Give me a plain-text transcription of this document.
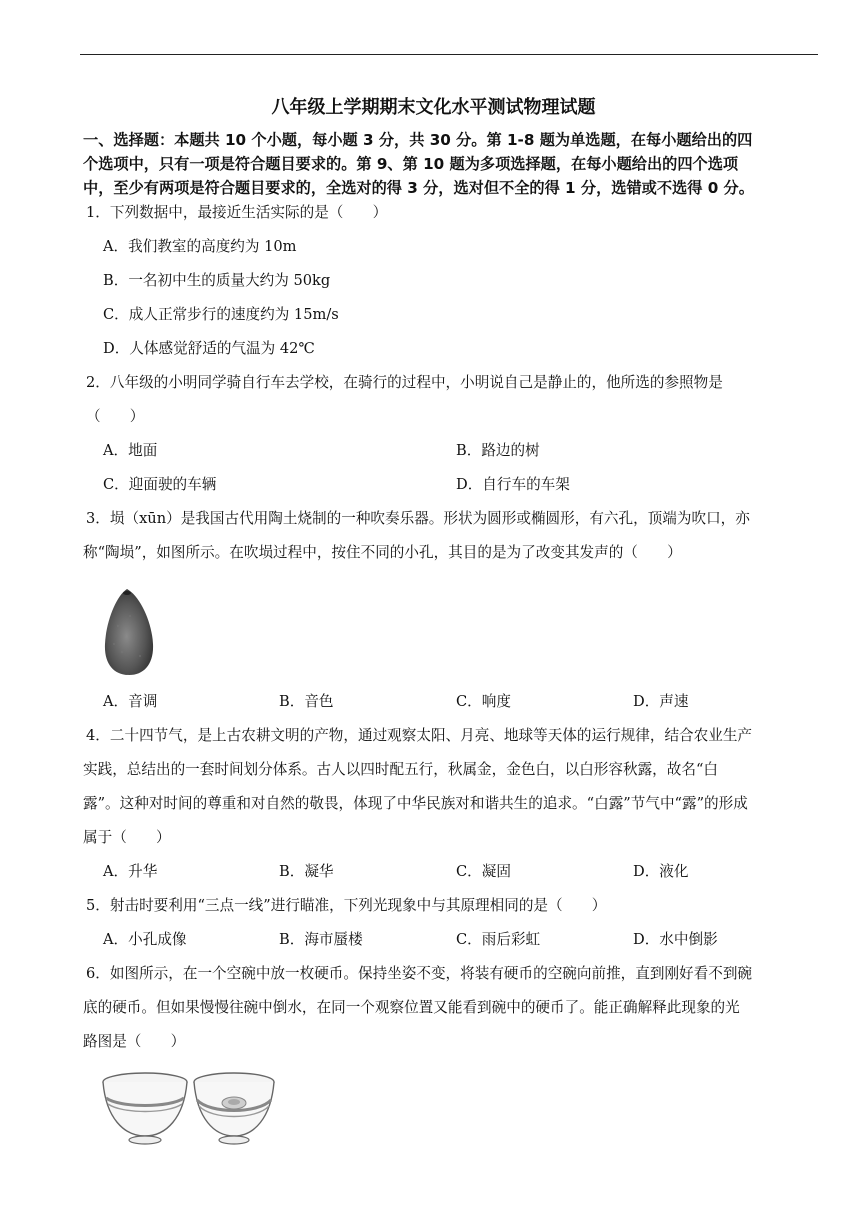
八年级上学期期末文化水平测试物理试题
一、选择题：本题共 10 个小题，每小题 3 分，共 30 分。第 1-8 题为单选题，在每小题给出的四
个选项中，只有一项是符合题目要求的。第 9、第 10 题为多项选择题，在每小题给出的四个选项
中，至少有两项是符合题目要求的，全选对的得 3 分，选对但不全的得 1 分，选错或不选得 0 分。
1．下列数据中，最接近生活实际的是（　　）
A．我们教室的高度约为 10m
B．一名初中生的质量大约为 50kg
C．成人正常步行的速度约为 15m/s
D．人体感觉舒适的气温为 42℃
2．八年级的小明同学骑自行车去学校，在骑行的过程中，小明说自己是静止的，他所选的参照物是
（　　）
A．地面	B．路边的树
C．迎面驶的车辆	D．自行车的车架
3．埙（xūn）是我国古代用陶土烧制的一种吹奏乐器。形状为圆形或椭圆形，有六孔，顶端为吹口，亦
称“陶埙”，如图所示。在吹埙过程中，按住不同的小孔，其目的是为了改变其发声的（　　）
A．音调	B．音色	C．响度	D．声速
4．二十四节气，是上古农耕文明的产物，通过观察太阳、月亮、地球等天体的运行规律，结合农业生产
实践，总结出的一套时间划分体系。古人以四时配五行，秋属金，金色白，以白形容秋露，故名“白
露”。这种对时间的尊重和对自然的敬畏，体现了中华民族对和谐共生的追求。“白露”节气中“露”的形成
属于（　　）
A．升华	B．凝华	C．凝固	D．液化
5．射击时要利用“三点一线”进行瞄准，下列光现象中与其原理相同的是（　　）
A．小孔成像	B．海市蜃楼	C．雨后彩虹	D．水中倒影
6．如图所示，在一个空碗中放一枚硬币。保持坐姿不变，将装有硬币的空碗向前推，直到刚好看不到碗
底的硬币。但如果慢慢往碗中倒水，在同一个观察位置又能看到碗中的硬币了。能正确解释此现象的光
路图是（　　）
